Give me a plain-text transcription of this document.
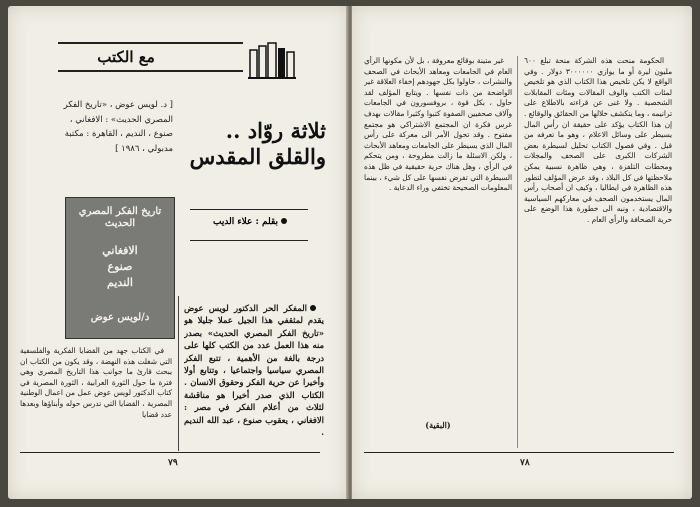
مع الكتب
[ د. لويس عوض ، «تاريخ الفكر المصري الحديث» : الافغاني ، صنوع ، النديم ، القاهرة : مكتبة مدبولي ، ١٩٨٦ ]
ثلاثة روّاد ..
والقلق المقدس
بقلم : علاء الديب
تاريخ الفكر المصري الحديث
الافغاني
صنوع
النديم
د/لويس عوض

المفكر الحر الدكتور لويس عوض يقدم لمثقفي هذا الجيل عملا جليلا هو «تاريخ الفكر المصري الحديث» بصدر منه هذا العمل عدد من الكتب كلها على درجة بالغة من الأهمية ، تتبع الفكر المصري سياسيا واجتماعيا ، وتتابع أولا وأخيرا عن حرية الفكر وحقوق الانسان . الكتاب الذي صدر أخيرا هو مناقشة لثلاث من أعلام الفكر في مصر : الافغاني ، يعقوب صنوع ، عبد الله النديم .

في الكتاب جهد من القضايا الفكرية والفلسفية التي شغلت هذه النهضة ، وقد يكون من الكتاب ان يبحث قارئ ما جوانب هذا التاريخ المصري وهي فترة ما حول الثورة العرابية ، الثورة المصرية في كتاب الدكتور لويس عوض عمل من اعمال الوطنية المصرية ، القضايا التي تدرس حوله وأبناؤها وبعدها عدد قضايا

٧٩

الحكومة منحت هذه الشركة منحة تبلغ ٦٠٠ مليون ليرة أو ما يوازي ٣٠٠٠٠٠٠ دولار . وفي الواقع لا يكن تلخيص هذا الكتاب الذي هو تلخيص لمئات الكتب والوف المقالات ومئات المقابلات الشخصية . ولا غنى عن قراءته بالاطلاع على ترانيمه ، وما يتكشف خلالها من الحقائق والوقائع . إن هذا الكتاب يؤكد على حقيقة ان رأس المال يسيطر على وسائل الاعلام ، وهو ما تعرفه من قبل . وفي فصول الكتاب تحليل لسيطرة بعض الشركات الكبرى على الصحف والمجلات ومحطات التلفزة ، وهي ظاهرة نسبية يمكن ملاحظتها في كل البلاد ، وقد عرض المؤلف لتطور هذه الظاهرة في ايطاليا ، وكيف ان أصحاب رأس المال يستخدمون الصحف في معاركهم السياسية والاقتصادية ، ونبه الى خطورة هذا الوضع على حرية الصحافة والرأي العام .

غير متينة بوقائع معروفة ، بل لأن مكونها الرأي العام في الجامعات ومعاهد الأبحاث في الصحف والنشرات ، حاولوا بكل جهودهم إخفاء العلاقة غير الواضحة من ذات نفسها . ويتابع المؤلف لقد حاول ، بكل قوة ، بروفسورون في الجامعات وآلاف صحفيين الصفوة كتبوا وكثيرا مقالات بهدف غرس فكرة ان المجتمع الاشتراكي هو مجتمع مفتوح . وقد تحول الأمر الى معركة على رأس المال الذي يسيطر على الجامعات ومعاهد الأبحاث ، ولكن الاسئلة ما زالت مطروحة ، ومن يتحكم في الرأي ، وهل هناك حرية حقيقية في ظل هذه السيطرة التي تفرض نفسها على كل شيء ، بينما المعلومات الصحيحة تختفي وراء الدعاية .

(البقية)
٧٨
